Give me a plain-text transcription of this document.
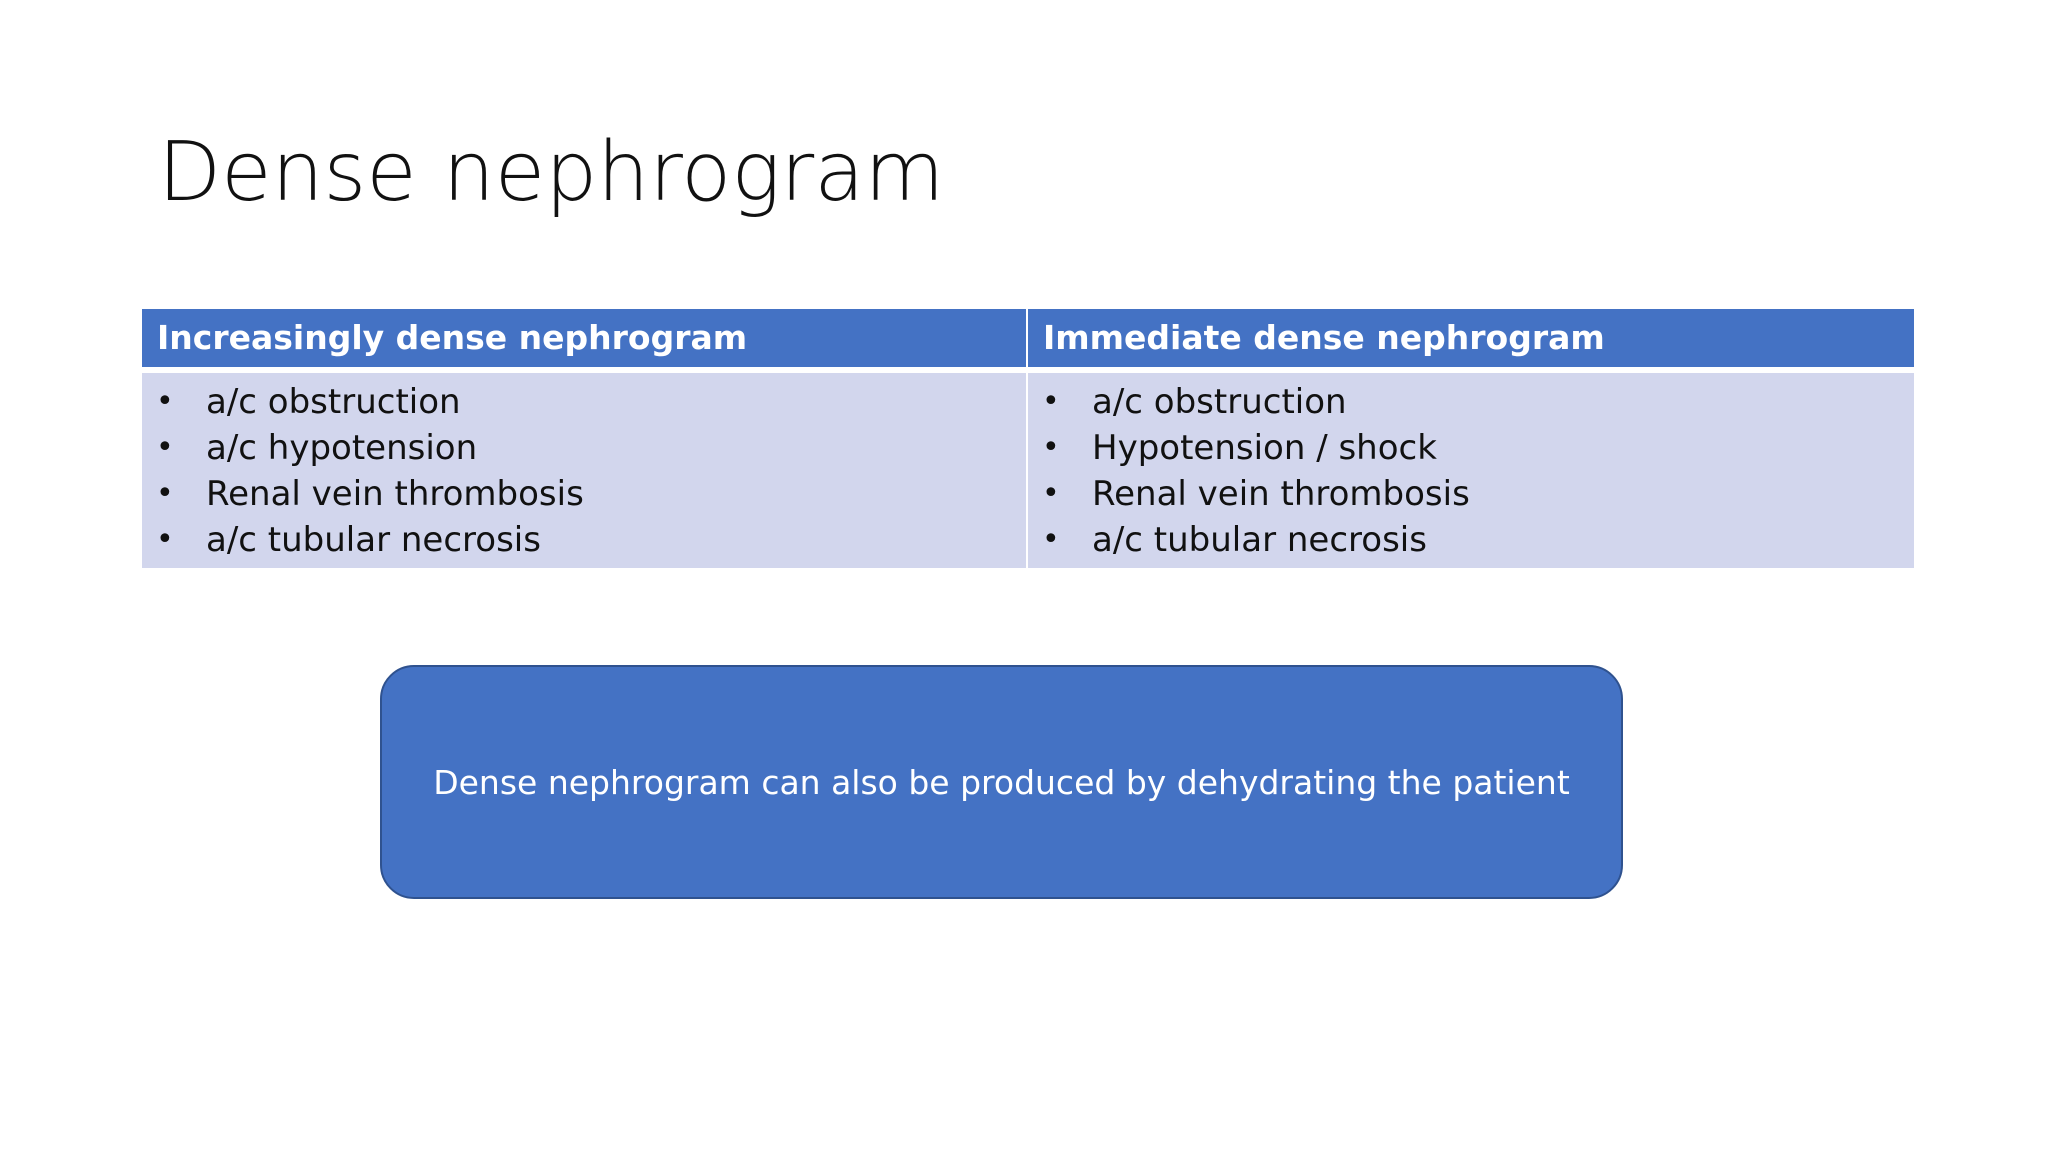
Dense nephrogram
Increasingly dense nephrogram	Immediate dense nephrogram
• a/c obstruction
• a/c hypotension
• Renal vein thrombosis
• a/c tubular necrosis
• a/c obstruction
• Hypotension / shock
• Renal vein thrombosis
• a/c tubular necrosis
Dense nephrogram can also be produced by dehydrating the patient
